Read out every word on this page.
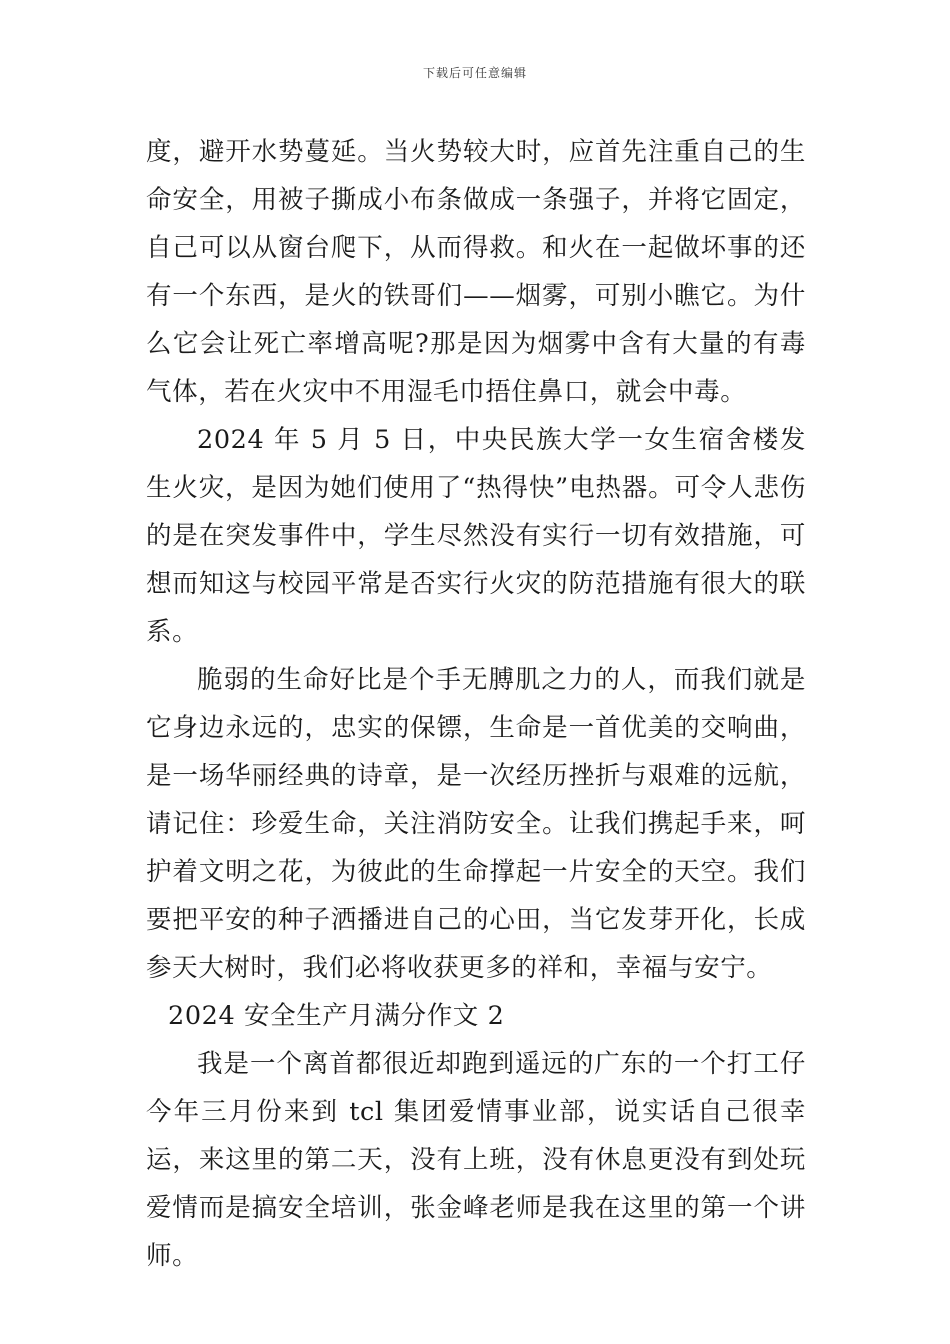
下载后可任意编辑

度，避开水势蔓延。当火势较大时，应首先注重自己的生命安全，用被子撕成小布条做成一条强子，并将它固定，自己可以从窗台爬下，从而得救。和火在一起做坏事的还有一个东西，是火的铁哥们——烟雾，可别小瞧它。为什么它会让死亡率增高呢?那是因为烟雾中含有大量的有毒气体，若在火灾中不用湿毛巾捂住鼻口，就会中毒。

2024 年 5 月 5 日，中央民族大学一女生宿舍楼发生火灾，是因为她们使用了“热得快”电热器。可令人悲伤的是在突发事件中，学生尽然没有实行一切有效措施，可想而知这与校园平常是否实行火灾的防范措施有很大的联系。

脆弱的生命好比是个手无膊肌之力的人，而我们就是它身边永远的，忠实的保镖，生命是一首优美的交响曲，是一场华丽经典的诗章，是一次经历挫折与艰难的远航，请记住：珍爱生命，关注消防安全。让我们携起手来，呵护着文明之花，为彼此的生命撑起一片安全的天空。我们要把平安的种子洒播进自己的心田，当它发芽开化，长成参天大树时，我们必将收获更多的祥和，幸福与安宁。

2024 安全生产月满分作文 2

我是一个离首都很近却跑到遥远的广东的一个打工仔今年三月份来到 tcl 集团爱情事业部，说实话自己很幸运，来这里的第二天，没有上班，没有休息更没有到处玩爱情而是搞安全培训，张金峰老师是我在这里的第一个讲师。
